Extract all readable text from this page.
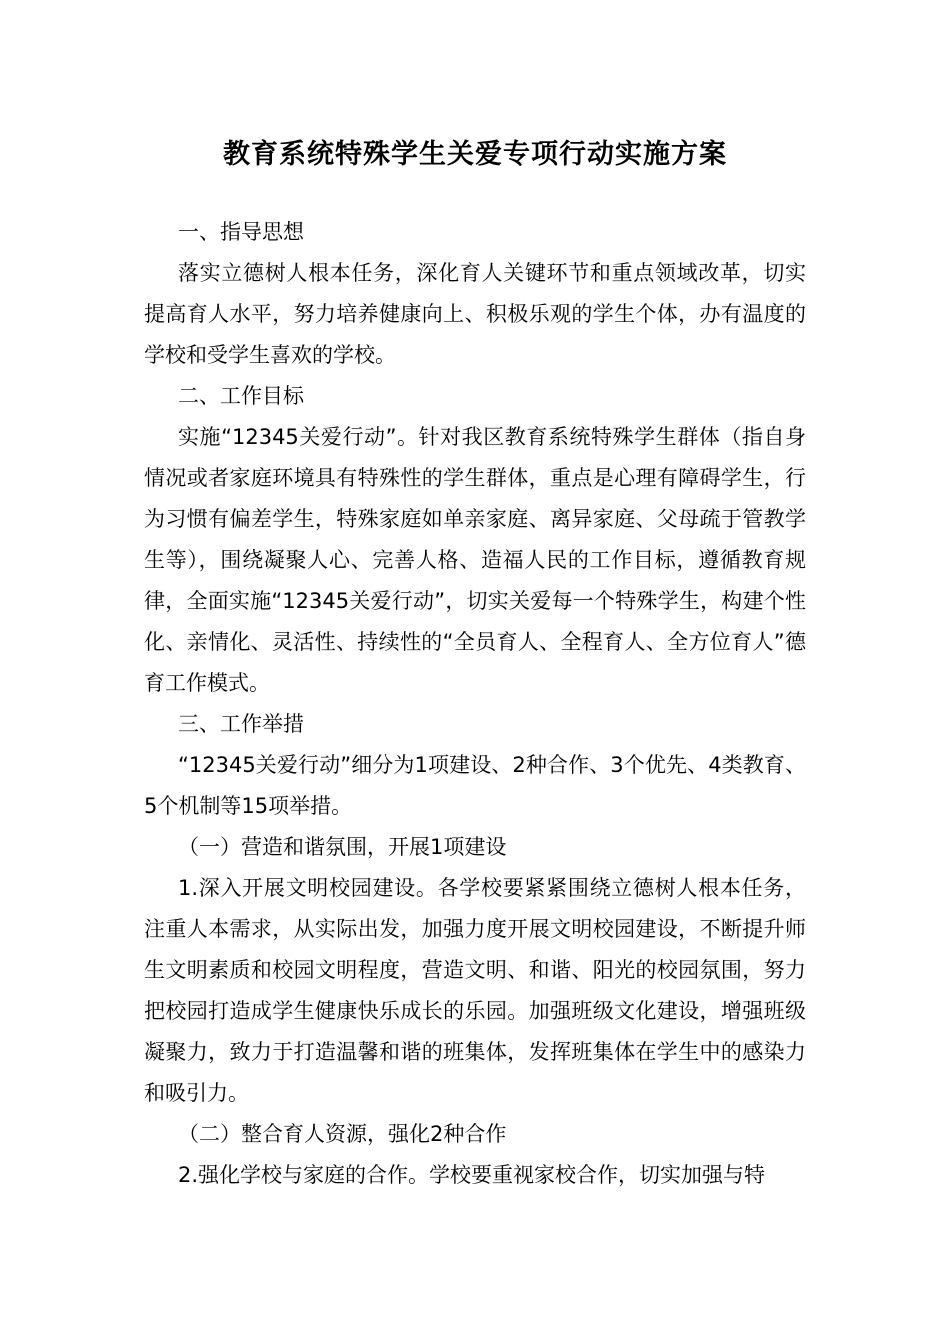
教育系统特殊学生关爱专项行动实施方案

一、指导思想

落实立德树人根本任务，深化育人关键环节和重点领域改革，切实提高育人水平，努力培养健康向上、积极乐观的学生个体，办有温度的学校和受学生喜欢的学校。

二、工作目标

实施“12345关爱行动”。针对我区教育系统特殊学生群体（指自身情况或者家庭环境具有特殊性的学生群体，重点是心理有障碍学生，行为习惯有偏差学生，特殊家庭如单亲家庭、离异家庭、父母疏于管教学生等），围绕凝聚人心、完善人格、造福人民的工作目标，遵循教育规律，全面实施“12345关爱行动”，切实关爱每一个特殊学生，构建个性化、亲情化、灵活性、持续性的“全员育人、全程育人、全方位育人”德育工作模式。

三、工作举措

“12345关爱行动”细分为1项建设、2种合作、3个优先、4类教育、5个机制等15项举措。

（一）营造和谐氛围，开展1项建设

1.深入开展文明校园建设。各学校要紧紧围绕立德树人根本任务，注重人本需求，从实际出发，加强力度开展文明校园建设，不断提升师生文明素质和校园文明程度，营造文明、和谐、阳光的校园氛围，努力把校园打造成学生健康快乐成长的乐园。加强班级文化建设，增强班级凝聚力，致力于打造温馨和谐的班集体，发挥班集体在学生中的感染力和吸引力。

（二）整合育人资源，强化2种合作

2.强化学校与家庭的合作。学校要重视家校合作，切实加强与特
